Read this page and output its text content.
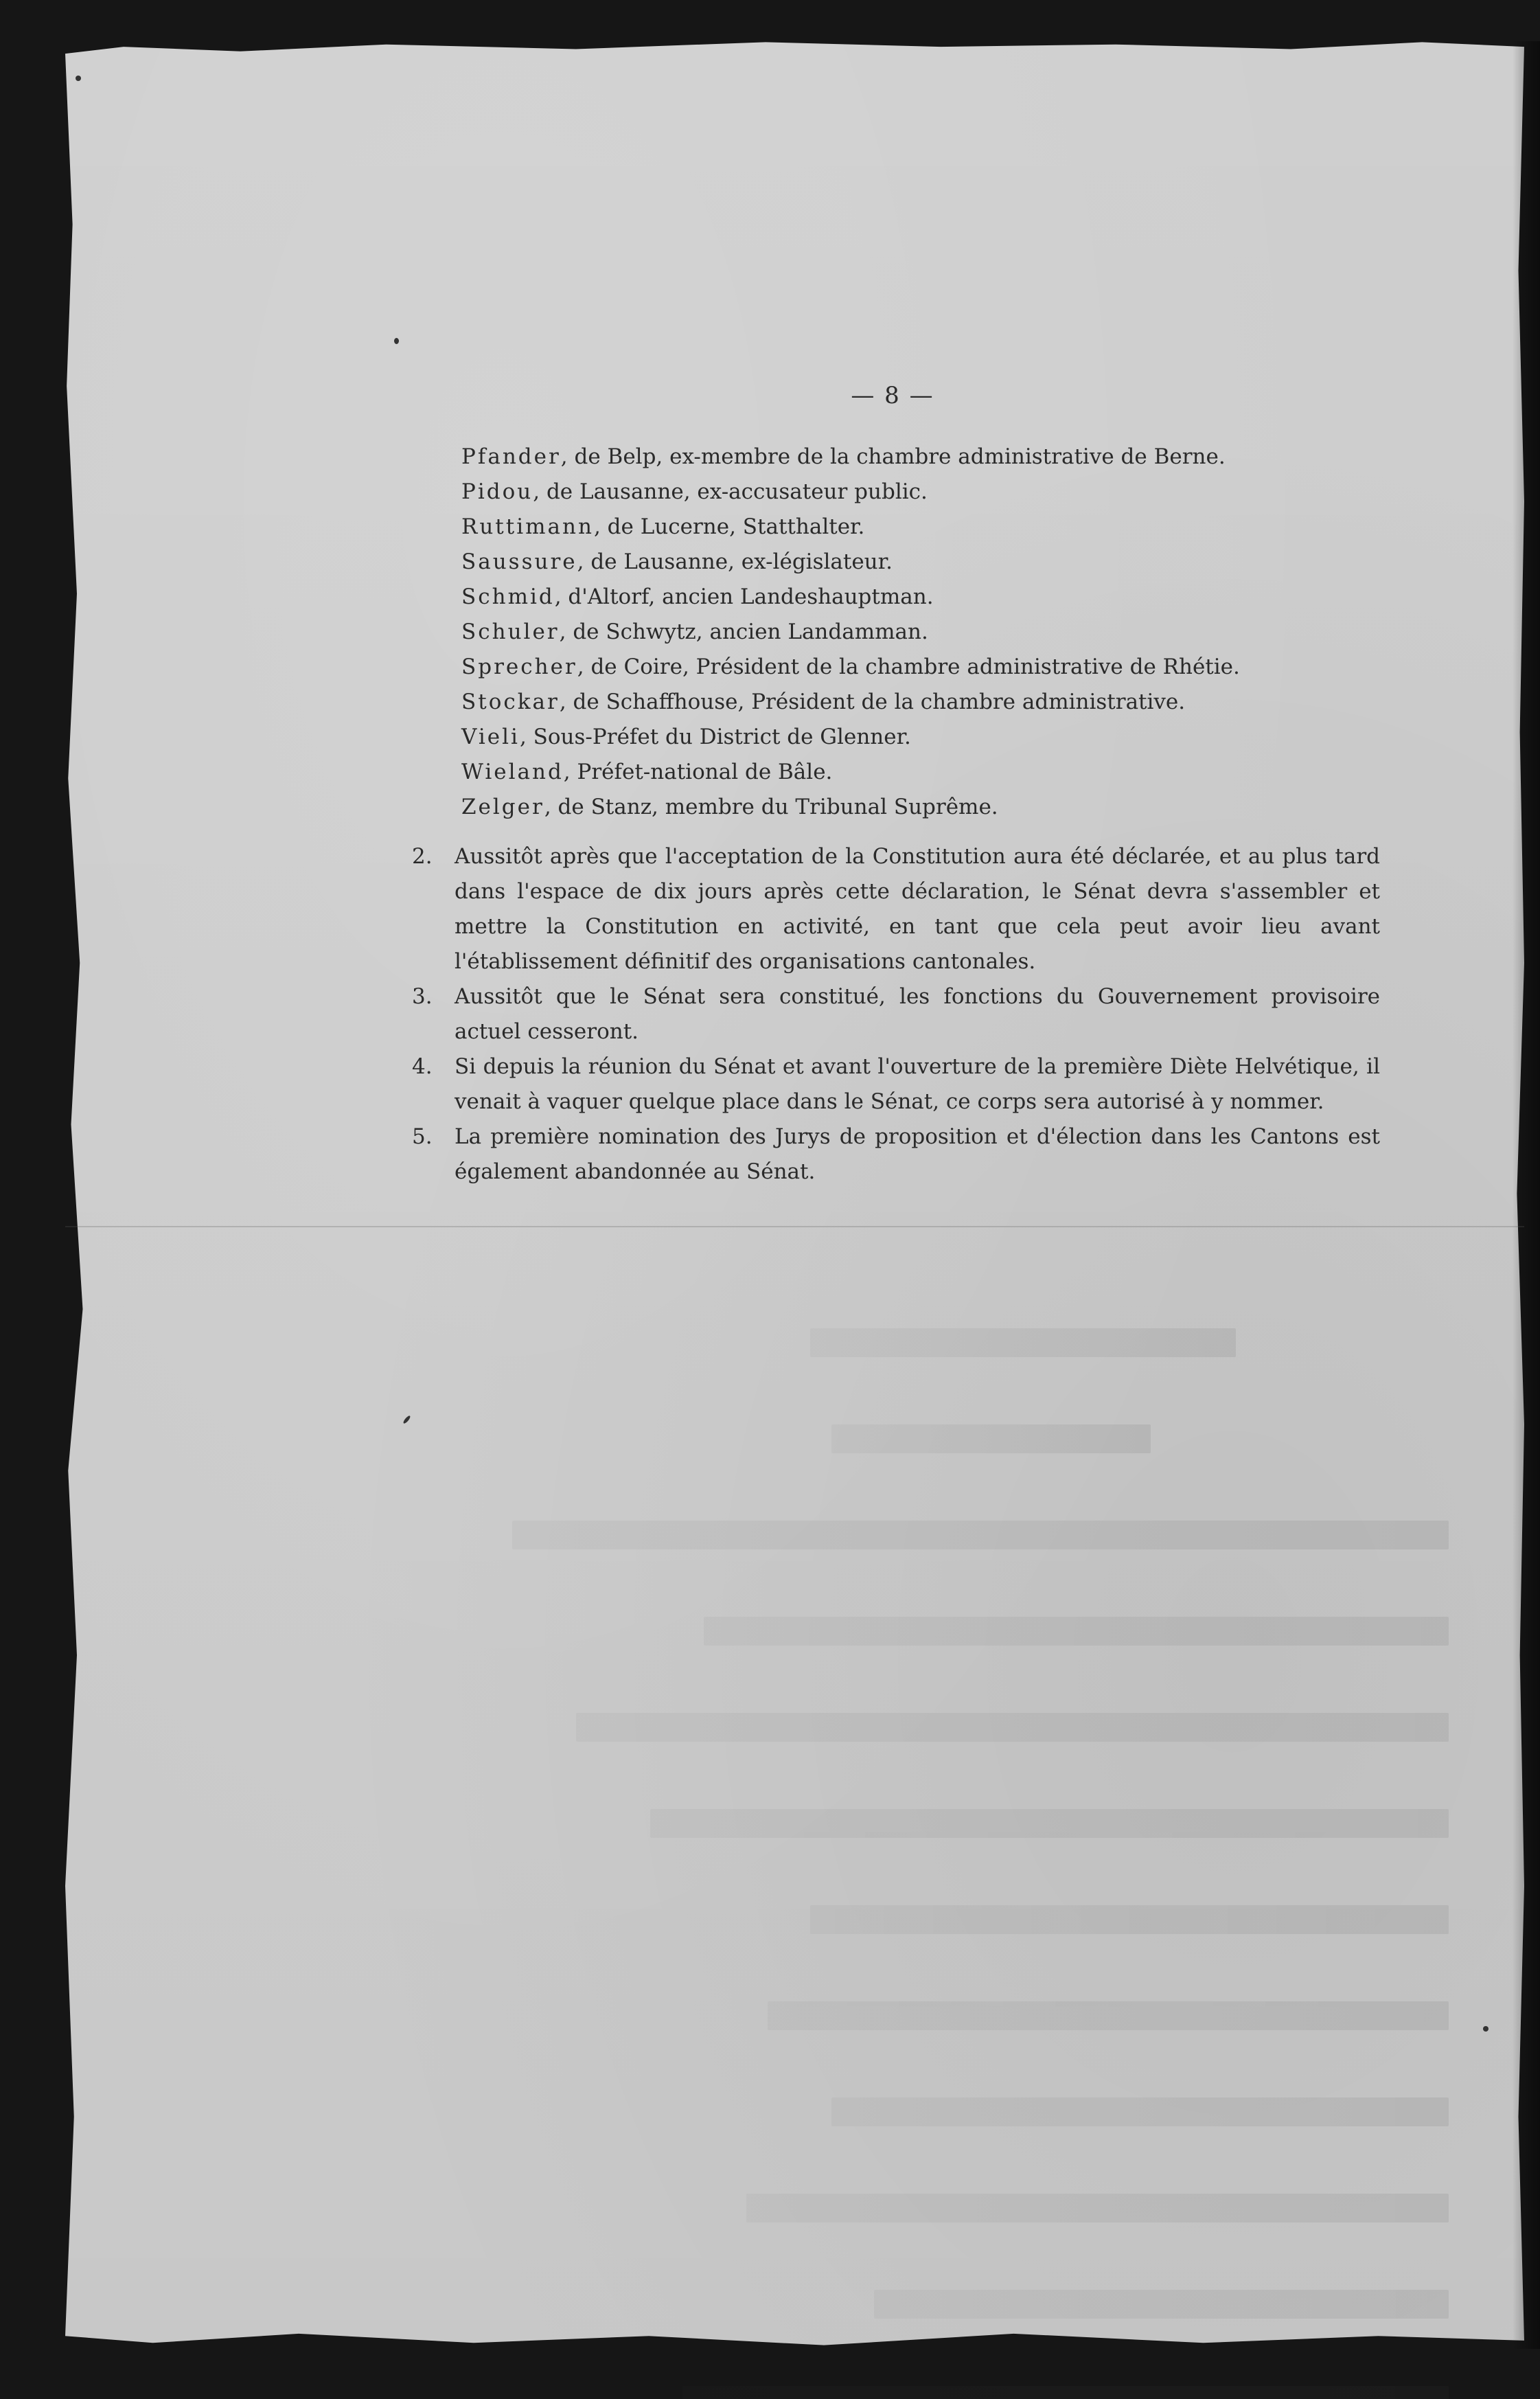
— 8 —
Pfander, de Belp, ex-membre de la chambre administrative de Berne.
Pidou, de Lausanne, ex-accusateur public.
Ruttimann, de Lucerne, Statthalter.
Saussure, de Lausanne, ex-législateur.
Schmid, d'Altorf, ancien Landeshauptman.
Schuler, de Schwytz, ancien Landamman.
Sprecher, de Coire, Président de la chambre administrative de Rhétie.
Stockar, de Schaffhouse, Président de la chambre administrative.
Vieli, Sous-Préfet du District de Glenner.
Wieland, Préfet-national de Bâle.
Zelger, de Stanz, membre du Tribunal Suprême.
2.	Aussitôt après que l'acceptation de la Constitution aura été déclarée, et au plus tard dans l'espace de dix jours après cette déclaration, le Sénat devra s'assembler et mettre la Constitution en activité, en tant que cela peut avoir lieu avant l'établissement définitif des organisations cantonales.
3.	Aussitôt que le Sénat sera constitué, les fonctions du Gouvernement provisoire actuel cesseront.
4.	Si depuis la réunion du Sénat et avant l'ouverture de la première Diète Helvétique, il venait à vaquer quelque place dans le Sénat, ce corps sera autorisé à y nommer.
5.	La première nomination des Jurys de proposition et d'élection dans les Cantons est également abandonnée au Sénat.
